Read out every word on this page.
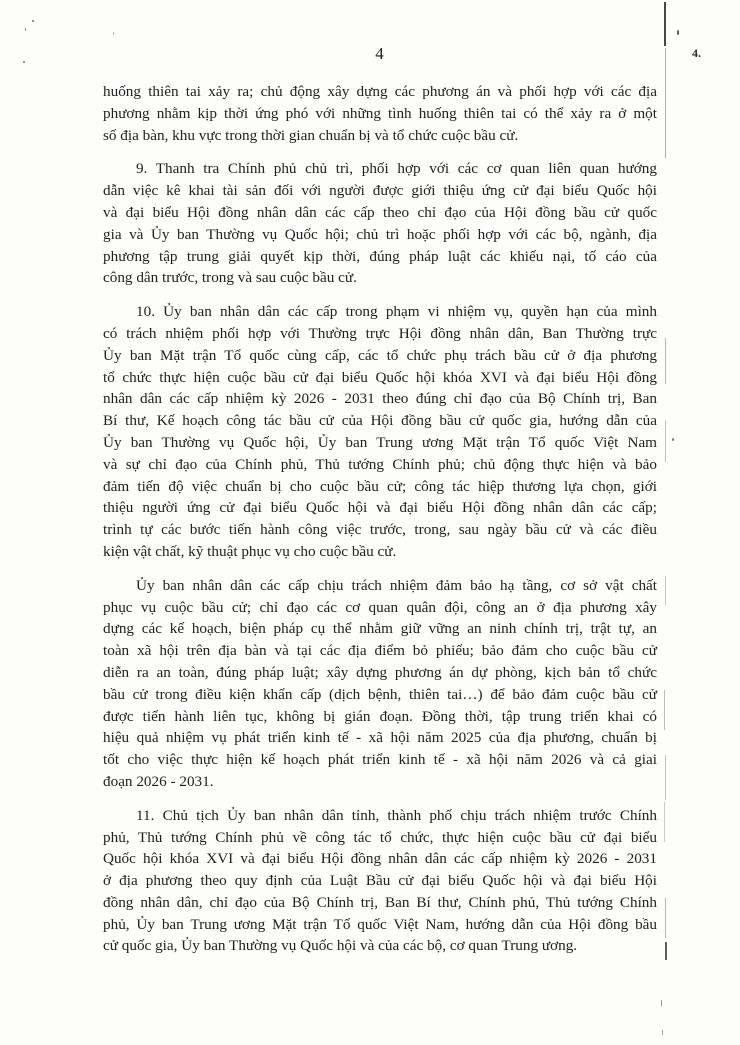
4	4.
huống thiên tai xảy ra; chủ động xây dựng các phương án và phối hợp với các địa
phương nhằm kịp thời ứng phó với những tình huống thiên tai có thể xảy ra ở một
số địa bàn, khu vực trong thời gian chuẩn bị và tổ chức cuộc bầu cử.
9. Thanh tra Chính phủ chủ trì, phối hợp với các cơ quan liên quan hướng
dẫn việc kê khai tài sản đối với người được giới thiệu ứng cử đại biểu Quốc hội
và đại biểu Hội đồng nhân dân các cấp theo chỉ đạo của Hội đồng bầu cử quốc
gia và Ủy ban Thường vụ Quốc hội; chủ trì hoặc phối hợp với các bộ, ngành, địa
phương tập trung giải quyết kịp thời, đúng pháp luật các khiếu nại, tố cáo của
công dân trước, trong và sau cuộc bầu cử.
10. Ủy ban nhân dân các cấp trong phạm vi nhiệm vụ, quyền hạn của mình
có trách nhiệm phối hợp với Thường trực Hội đồng nhân dân, Ban Thường trực
Ủy ban Mặt trận Tổ quốc cùng cấp, các tổ chức phụ trách bầu cử ở địa phương
tổ chức thực hiện cuộc bầu cử đại biểu Quốc hội khóa XVI và đại biểu Hội đồng
nhân dân các cấp nhiệm kỳ 2026 - 2031 theo đúng chỉ đạo của Bộ Chính trị, Ban
Bí thư, Kế hoạch công tác bầu cử của Hội đồng bầu cử quốc gia, hướng dẫn của
Ủy ban Thường vụ Quốc hội, Ủy ban Trung ương Mặt trận Tổ quốc Việt Nam
và sự chỉ đạo của Chính phủ, Thủ tướng Chính phủ; chủ động thực hiện và bảo
đảm tiến độ việc chuẩn bị cho cuộc bầu cử; công tác hiệp thương lựa chọn, giới
thiệu người ứng cử đại biểu Quốc hội và đại biểu Hội đồng nhân dân các cấp;
trình tự các bước tiến hành công việc trước, trong, sau ngày bầu cử và các điều
kiện vật chất, kỹ thuật phục vụ cho cuộc bầu cử.
Ủy ban nhân dân các cấp chịu trách nhiệm đảm bảo hạ tầng, cơ sở vật chất
phục vụ cuộc bầu cử; chỉ đạo các cơ quan quân đội, công an ở địa phương xây
dựng các kế hoạch, biện pháp cụ thể nhằm giữ vững an ninh chính trị, trật tự, an
toàn xã hội trên địa bàn và tại các địa điểm bỏ phiếu; bảo đảm cho cuộc bầu cử
diễn ra an toàn, đúng pháp luật; xây dựng phương án dự phòng, kịch bản tổ chức
bầu cử trong điều kiện khẩn cấp (dịch bệnh, thiên tai…) để bảo đảm cuộc bầu cử
được tiến hành liên tục, không bị gián đoạn. Đồng thời, tập trung triển khai có
hiệu quả nhiệm vụ phát triển kinh tế - xã hội năm 2025 của địa phương, chuẩn bị
tốt cho việc thực hiện kế hoạch phát triển kinh tế - xã hội năm 2026 và cả giai
đoạn 2026 - 2031.
11. Chủ tịch Ủy ban nhân dân tỉnh, thành phố chịu trách nhiệm trước Chính
phủ, Thủ tướng Chính phủ về công tác tổ chức, thực hiện cuộc bầu cử đại biểu
Quốc hội khóa XVI và đại biểu Hội đồng nhân dân các cấp nhiệm kỳ 2026 - 2031
ở địa phương theo quy định của Luật Bầu cử đại biểu Quốc hội và đại biểu Hội
đồng nhân dân, chỉ đạo của Bộ Chính trị, Ban Bí thư, Chính phủ, Thủ tướng Chính
phủ, Ủy ban Trung ương Mặt trận Tổ quốc Việt Nam, hướng dẫn của Hội đồng bầu
cử quốc gia, Ủy ban Thường vụ Quốc hội và của các bộ, cơ quan Trung ương.
